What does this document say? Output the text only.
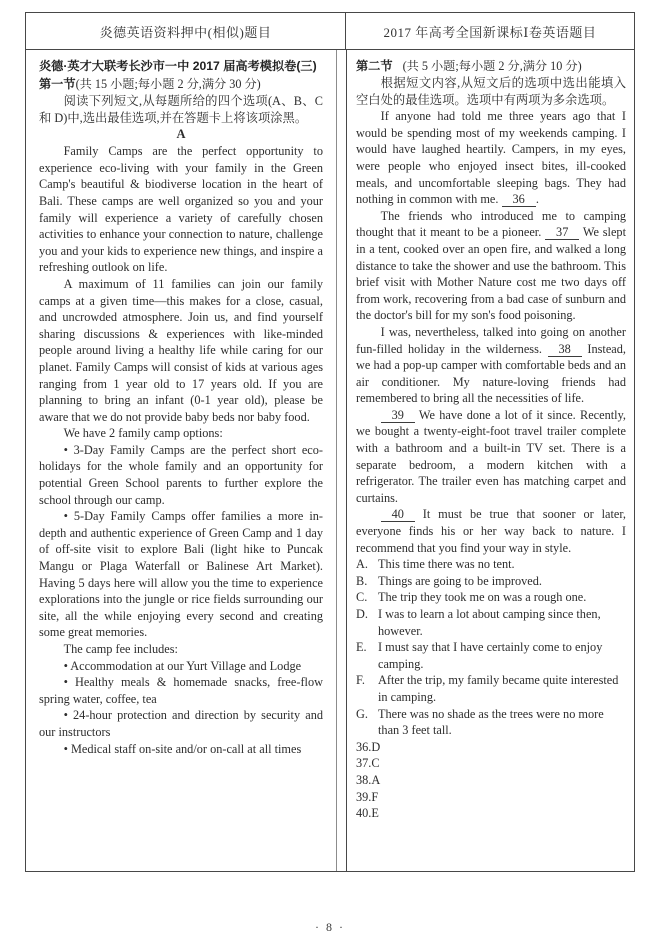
炎德英语资料押中(相似)题目	2017 年高考全国新课标Ⅰ卷英语题目

炎德·英才大联考长沙市一中 2017 届高考模拟卷(三)

第一节(共 15 小题;每小题 2 分,满分 30 分)

阅读下列短文,从每题所给的四个选项(A、B、C 和 D)中,选出最佳选项,并在答题卡上将该项涂黑。

A

Family Camps are the perfect opportunity to experience eco-living with your family in the Green Camp's beautiful & biodiverse location in the heart of Bali. These camps are well organized so you and your family will experience a variety of carefully chosen activities to enhance your connection to nature, challenge you and your kids to experience new things, and inspire a refreshing outlook on life.

A maximum of 11 families can join our family camps at a given time—this makes for a close, casual, and uncrowded atmosphere. Join us, and find yourself sharing discussions & experiences with like-minded people around living a healthy life while caring for our planet. Family Camps will consist of kids at various ages ranging from 1 year old to 17 years old. If you are planning to bring an infant (0-1 year old), please be aware that we do not provide baby beds nor baby food.

We have 2 family camp options:

• 3-Day Family Camps are the perfect short eco-holidays for the whole family and an opportunity for potential Green School parents to further explore the school through our camp.

• 5-Day Family Camps offer families a more in-depth and authentic experience of Green Camp and 1 day of off-site visit to explore Bali (light hike to Puncak Mangu or Plaga Waterfall or Balinese Art Market). Having 5 days here will allow you the time to experience explorations into the jungle or rice fields surrounding our site, all the while enjoying every second and creating some great memories.

The camp fee includes:

• Accommodation at our Yurt Village and Lodge

• Healthy meals & homemade snacks, free-flow spring water, coffee, tea

• 24-hour protection and direction by security and our instructors

• Medical staff on-site and/or on-call at all times

第二节 (共 5 小题;每小题 2 分,满分 10 分)

根据短文内容,从短文后的选项中选出能填入空白处的最佳选项。选项中有两项为多余选项。

If anyone had told me three years ago that I would be spending most of my weekends camping. I would have laughed heartily. Campers, in my eyes, were people who enjoyed insect bites, ill-cooked meals, and uncomfortable sleeping bags. They had nothing in common with me. 36 .

The friends who introduced me to camping thought that it meant to be a pioneer. 37 We slept in a tent, cooked over an open fire, and walked a long distance to take the shower and use the bathroom. This brief visit with Mother Nature cost me two days off from work, recovering from a bad case of sunburn and the doctor's bill for my son's food poisoning.

I was, nevertheless, talked into going on another fun-filled holiday in the wilderness. 38 Instead, we had a pop-up camper with comfortable beds and an air conditioner. My nature-loving friends had remembered to bring all the necessities of life.

39 We have done a lot of it since. Recently, we bought a twenty-eight-foot travel trailer complete with a bathroom and a built-in TV set. There is a separate bedroom, a modern kitchen with a refrigerator. The trailer even has matching carpet and curtains.

40 It must be true that sooner or later, everyone finds his or her way back to nature. I recommend that you find your way in style.

A. This time there was no tent.
B. Things are going to be improved.
C. The trip they took me on was a rough one.
D. I was to learn a lot about camping since then, however.
E. I must say that I have certainly come to enjoy camping.
F.	After the trip, my family became quite interested in camping.
G. There was no shade as the trees were no more than 3 feet tall.
36.D
37.C
38.A
39.F
40.E
· 8 ·
